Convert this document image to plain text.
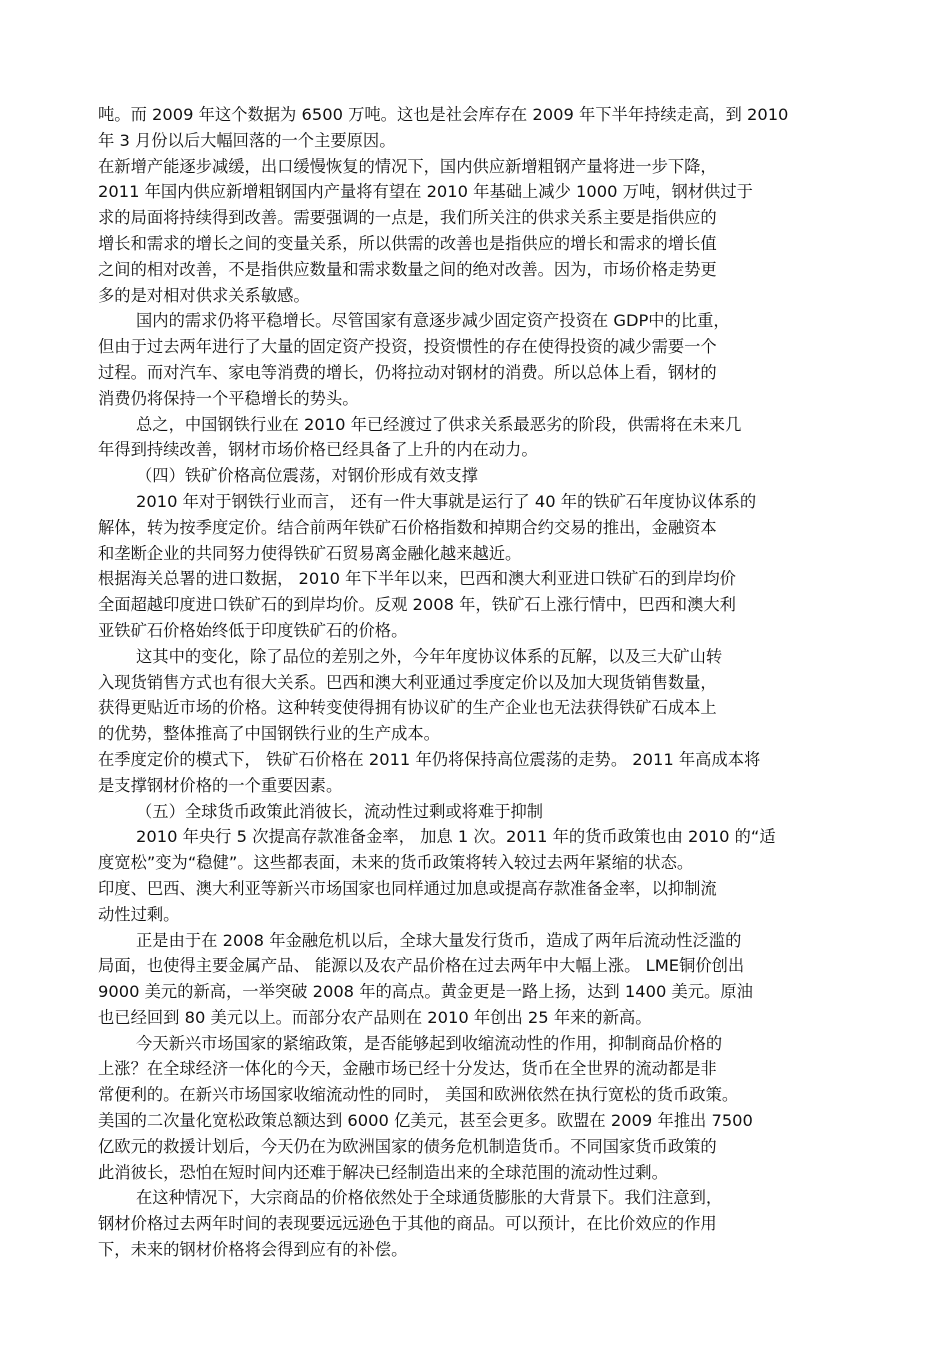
吨。而 2009 年这个数据为 6500 万吨。这也是社会库存在 2009 年下半年持续走高，到 2010
年 3 月份以后大幅回落的一个主要原因。
在新增产能逐步减缓，出口缓慢恢复的情况下，国内供应新增粗钢产量将进一步下降，
2011 年国内供应新增粗钢国内产量将有望在 2010 年基础上减少 1000 万吨，钢材供过于
求的局面将持续得到改善。需要强调的一点是，我们所关注的供求关系主要是指供应的
增长和需求的增长之间的变量关系，所以供需的改善也是指供应的增长和需求的增长值
之间的相对改善，不是指供应数量和需求数量之间的绝对改善。因为，市场价格走势更
多的是对相对供求关系敏感。
国内的需求仍将平稳增长。尽管国家有意逐步减少固定资产投资在 GDP中的比重，
但由于过去两年进行了大量的固定资产投资，投资惯性的存在使得投资的减少需要一个
过程。而对汽车、家电等消费的增长，仍将拉动对钢材的消费。所以总体上看，钢材的
消费仍将保持一个平稳增长的势头。
总之，中国钢铁行业在 2010 年已经渡过了供求关系最恶劣的阶段，供需将在未来几
年得到持续改善，钢材市场价格已经具备了上升的内在动力。
（四）铁矿价格高位震荡，对钢价形成有效支撑
2010 年对于钢铁行业而言， 还有一件大事就是运行了 40 年的铁矿石年度协议体系的
解体，转为按季度定价。结合前两年铁矿石价格指数和掉期合约交易的推出，金融资本
和垄断企业的共同努力使得铁矿石贸易离金融化越来越近。
根据海关总署的进口数据， 2010 年下半年以来，巴西和澳大利亚进口铁矿石的到岸均价
全面超越印度进口铁矿石的到岸均价。反观 2008 年，铁矿石上涨行情中，巴西和澳大利
亚铁矿石价格始终低于印度铁矿石的价格。
这其中的变化，除了品位的差别之外，今年年度协议体系的瓦解，以及三大矿山转
入现货销售方式也有很大关系。巴西和澳大利亚通过季度定价以及加大现货销售数量，
获得更贴近市场的价格。这种转变使得拥有协议矿的生产企业也无法获得铁矿石成本上
的优势，整体推高了中国钢铁行业的生产成本。
在季度定价的模式下， 铁矿石价格在 2011 年仍将保持高位震荡的走势。 2011 年高成本将
是支撑钢材价格的一个重要因素。
（五）全球货币政策此消彼长，流动性过剩或将难于抑制
2010 年央行 5 次提高存款准备金率， 加息 1 次。2011 年的货币政策也由 2010 的“适
度宽松”变为“稳健”。这些都表面，未来的货币政策将转入较过去两年紧缩的状态。
印度、巴西、澳大利亚等新兴市场国家也同样通过加息或提高存款准备金率，以抑制流
动性过剩。
正是由于在 2008 年金融危机以后，全球大量发行货币，造成了两年后流动性泛滥的
局面，也使得主要金属产品、 能源以及农产品价格在过去两年中大幅上涨。 LME铜价创出
9000 美元的新高，一举突破 2008 年的高点。黄金更是一路上扬，达到 1400 美元。原油
也已经回到 80 美元以上。而部分农产品则在 2010 年创出 25 年来的新高。
今天新兴市场国家的紧缩政策，是否能够起到收缩流动性的作用，抑制商品价格的
上涨？在全球经济一体化的今天，金融市场已经十分发达，货币在全世界的流动都是非
常便利的。在新兴市场国家收缩流动性的同时， 美国和欧洲依然在执行宽松的货币政策。
美国的二次量化宽松政策总额达到 6000 亿美元，甚至会更多。欧盟在 2009 年推出 7500
亿欧元的救援计划后，今天仍在为欧洲国家的债务危机制造货币。不同国家货币政策的
此消彼长，恐怕在短时间内还难于解决已经制造出来的全球范围的流动性过剩。
在这种情况下，大宗商品的价格依然处于全球通货膨胀的大背景下。我们注意到，
钢材价格过去两年时间的表现要远远逊色于其他的商品。可以预计，在比价效应的作用
下，未来的钢材价格将会得到应有的补偿。
